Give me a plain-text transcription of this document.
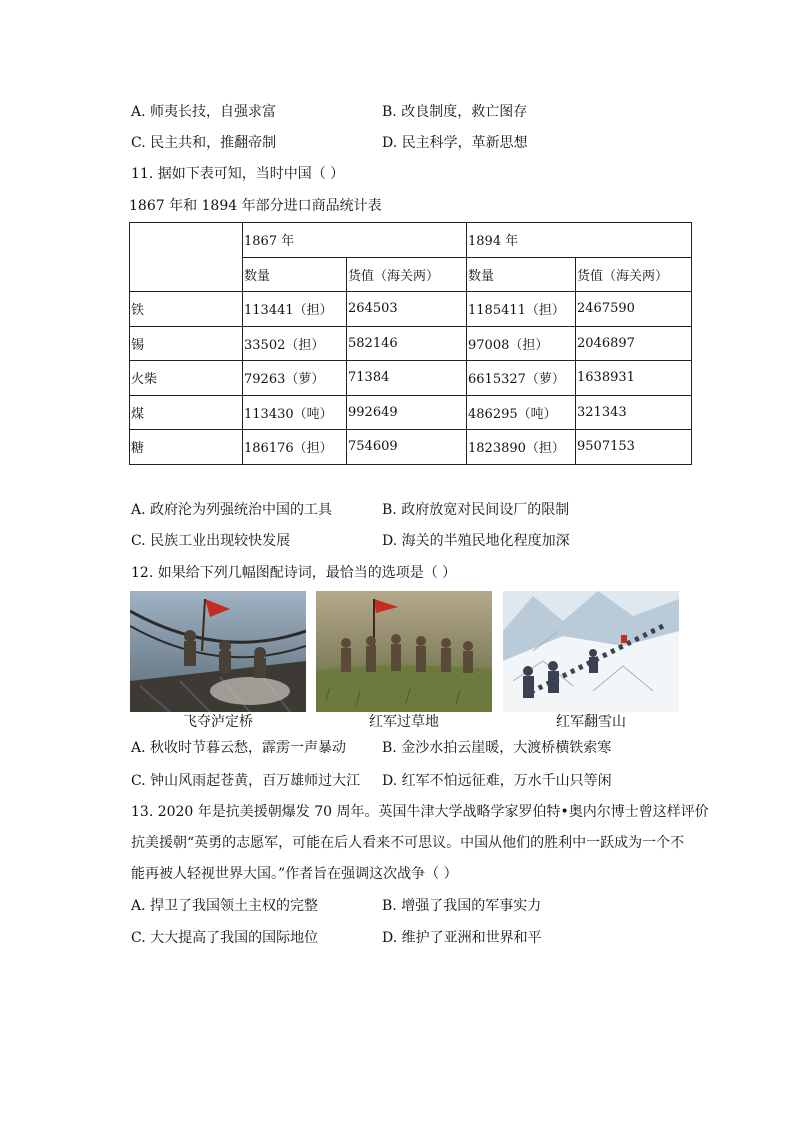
A. 师夷长技，自强求富	B. 改良制度，救亡图存
C. 民主共和，推翻帝制	D. 民主科学，革新思想
11. 据如下表可知，当时中国（ ）
1867 年和 1894 年部分进口商品统计表
	1867 年		1894 年	
	数量	货值（海关两）	数量	货值（海关两）
铁	113441（担）	264503	1185411（担）	2467590
锡	33502（担）	582146	97008（担）	2046897
火柴	79263（萝）	71384	6615327（萝）	1638931
煤	113430（吨）	992649	486295（吨）	321343
糖	186176（担）	754609	1823890（担）	9507153
A. 政府沦为列强统治中国的工具	B. 政府放宽对民间设厂的限制
C. 民族工业出现较快发展	D. 海关的半殖民地化程度加深
12. 如果给下列几幅图配诗词，最恰当的选项是（ ）
飞夺泸定桥	红军过草地	红军翻雪山
A. 秋收时节暮云愁，霹雳一声暴动	B. 金沙水拍云崖暖，大渡桥横铁索寒
C. 钟山风雨起苍黄，百万雄师过大江 D. 红军不怕远征难，万水千山只等闲
13. 2020 年是抗美援朝爆发 70 周年。英国牛津大学战略学家罗伯特•奥内尔博士曾这样评价
抗美援朝“英勇的志愿军，可能在后人看来不可思议。中国从他们的胜利中一跃成为一个不
能再被人轻视世界大国。”作者旨在强调这次战争（ ）
A. 捍卫了我国领土主权的完整	B. 增强了我国的军事实力
C. 大大提高了我国的国际地位	D. 维护了亚洲和世界和平
